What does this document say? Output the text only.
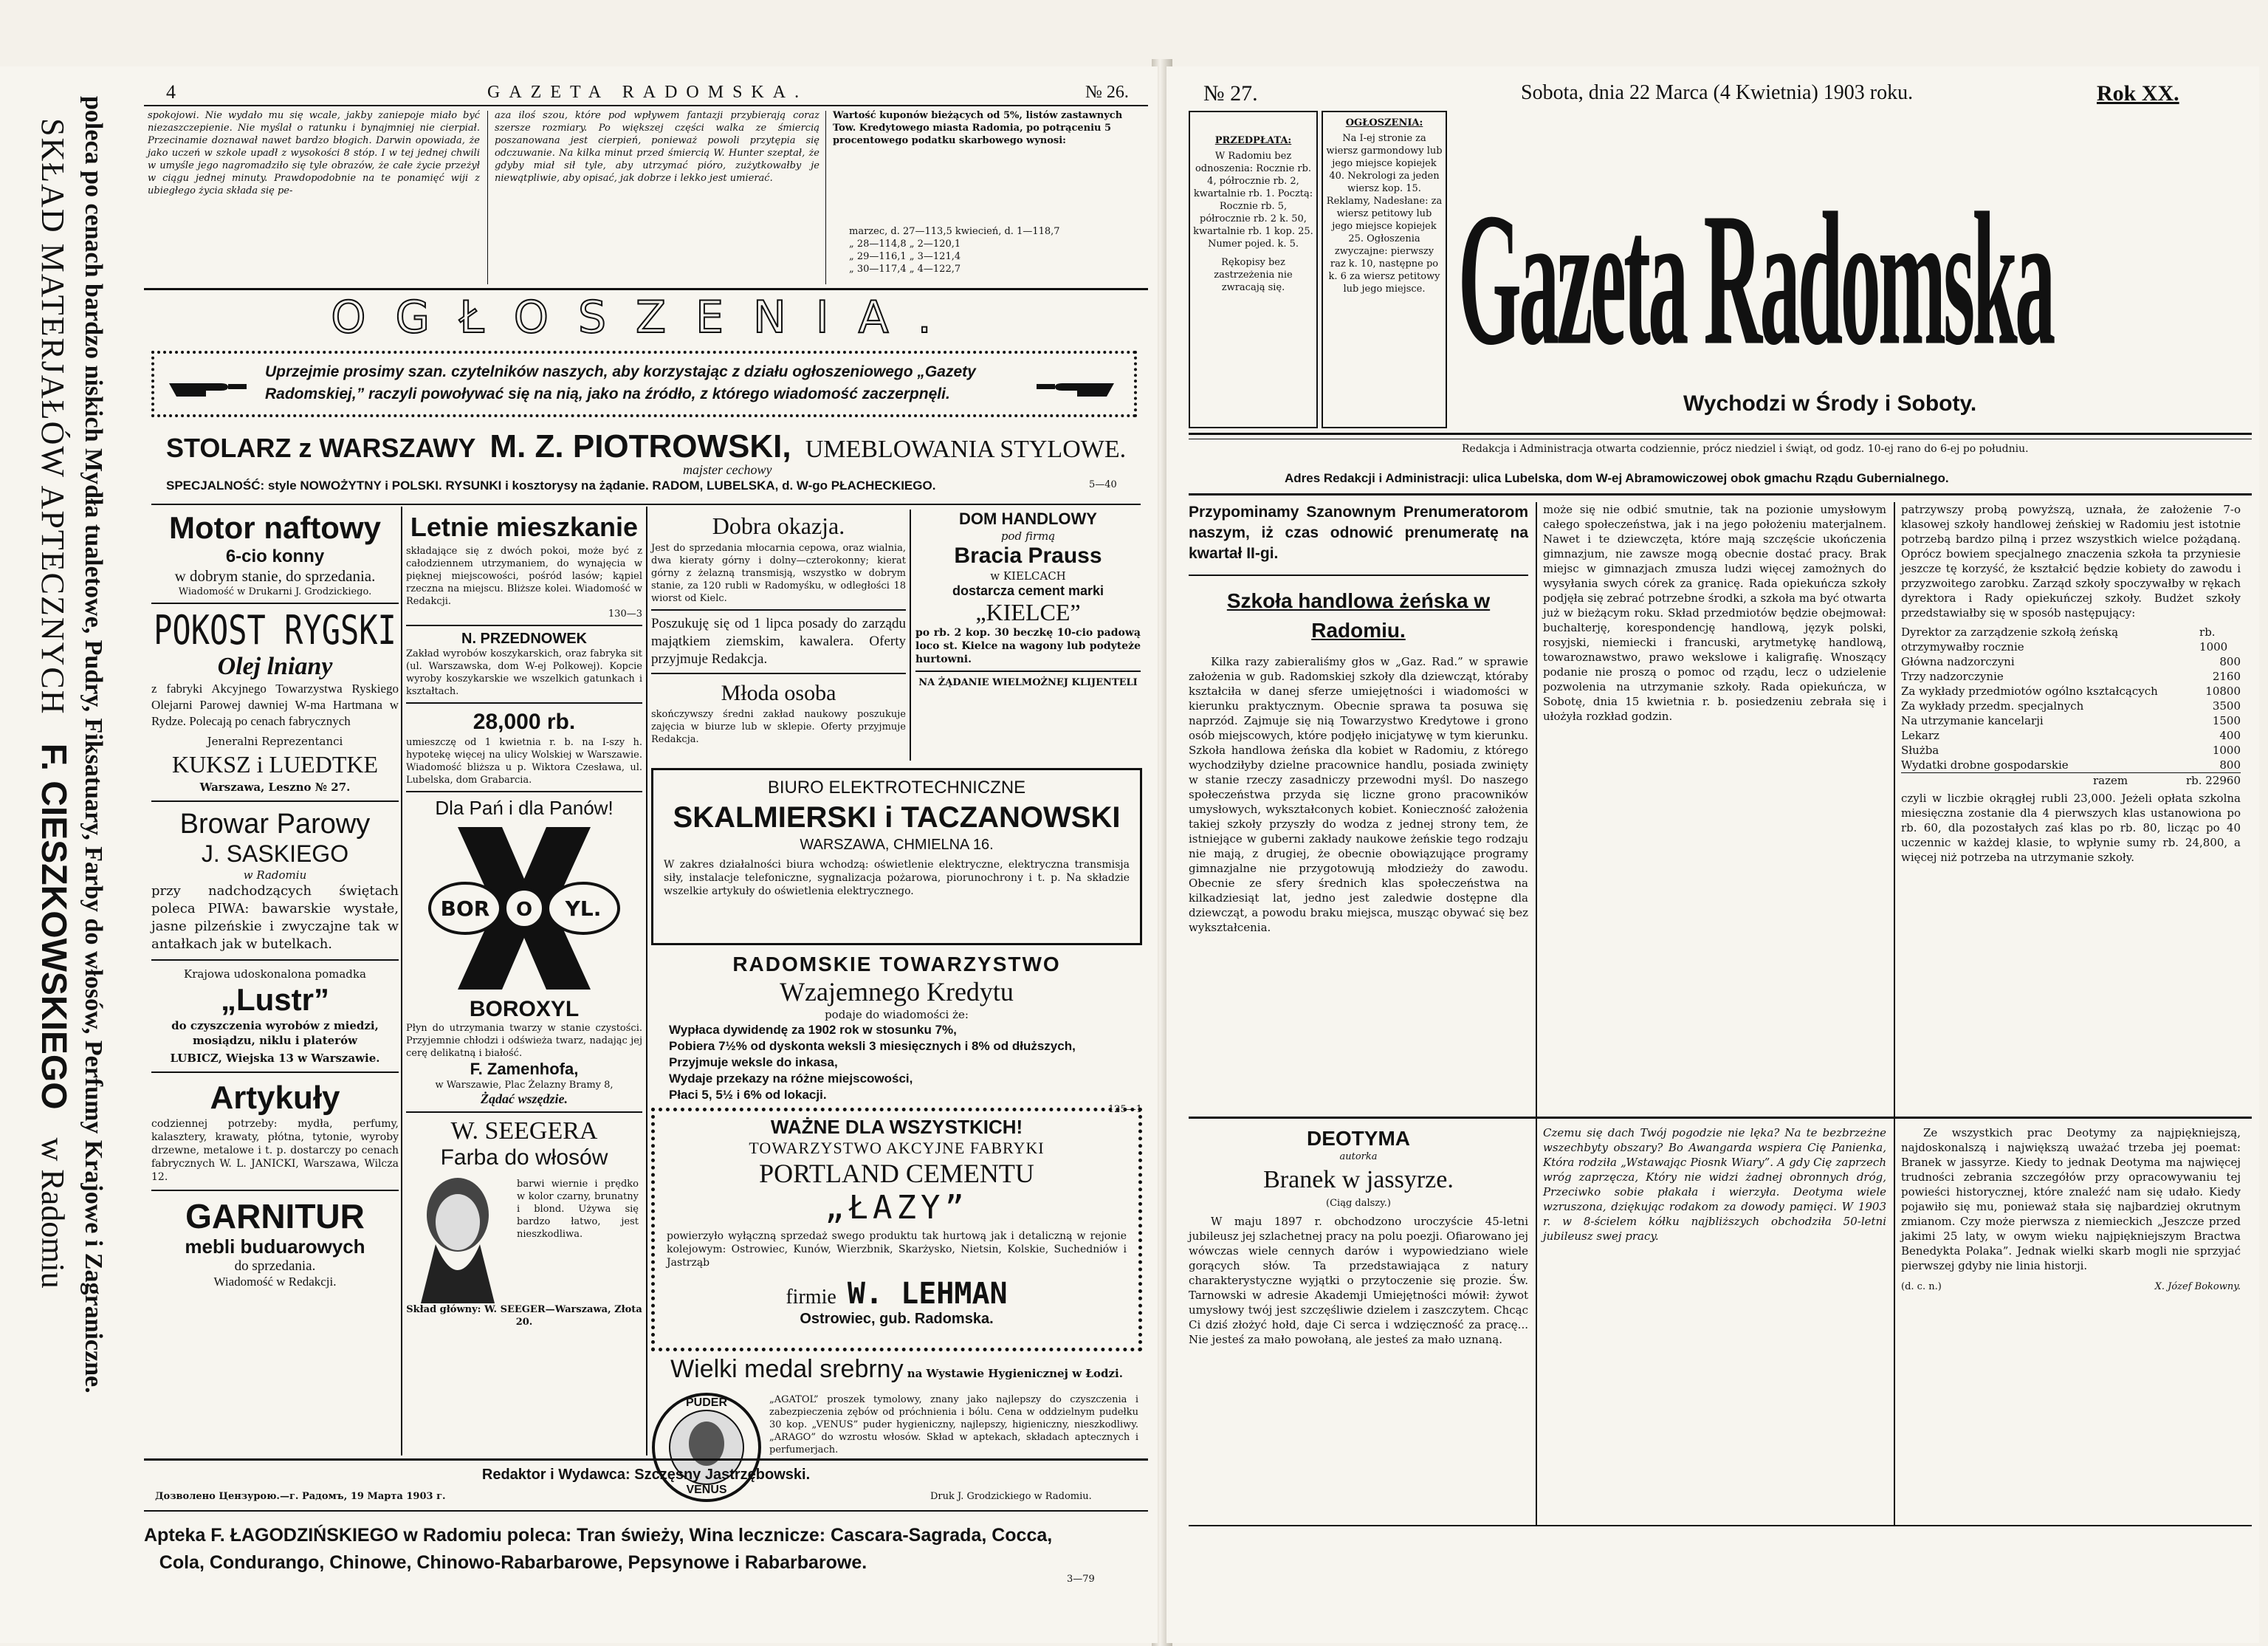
poleca po cenach bardzo niskich Mydła tualetowe, Pudry, Fiksatuary, Farby do włosów, Perfumy Krajowe i Zagraniczne.
SKŁAD MATERJAŁÓW APTECZNYCH F. CIESZKOWSKIEGO w Radomiu
4	GAZETA RADOMSKA.	№ 26.
spokojowi. Nie wydało mu się wcale, jakby zaniepoje miało być niezaszczepienie. Nie myślał o ratunku i bynajmniej nie cierpiał. Przecinamie doznawał nawet bardzo błogich. Darwin opowiada, że jako uczeń w szkole upadł z wysokości 8 stóp. I w tej jednej chwili w umyśle jego nagromadziło się tyle obrazów, że całe życie przeżył w ciągu jednej minuty. Prawdopodobnie na te ponamięć wiji z ubiegłego życia składa się pe-
aza iloś szou, które pod wpływem fantazji przybierają coraz szersze rozmiary. Po większej części walka ze śmiercią poszanowana jest cierpień, ponieważ powoli przytępia się odczuwanie. Na kilka minut przed śmiercią W. Hunter szeptał, że gdyby miał sił tyle, aby utrzymać pióro, zużytkowałby je niewątpliwie, aby opisać, jak dobrze i lekko jest umierać.
Wartość kuponów bieżących od 5%, listów zastawnych Tow. Kredytowego miasta Radomia, po potrąceniu 5 procentowego podatku skarbowego wynosi:
marzec, d. 27—113,5 kwiecień, d. 1—118,7
„ 28—114,8 „ 2—120,1
„ 29—116,1 „ 3—121,4
„ 30—117,4 „ 4—122,7
OGŁOSZENIA.
Uprzejmie prosimy szan. czytelników naszych, aby korzystając z działu ogłoszeniowego „Gazety Radomskiej,” raczyli powoływać się na nią, jako na źródło, z którego wiadomość zaczerpnęli.
STOLARZ z WARSZAWY M. Z. PIOTROWSKI, UMEBLOWANIA STYLOWE.
majster cechowy
SPECJALNOŚĆ: style NOWOŻYTNY i POLSKI. RYSUNKI i kosztorysy na żądanie. RADOM, LUBELSKA, d. W-go PŁACHECKIEGO.	5—40
Motor naftowy
6-cio konny
w dobrym stanie, do sprzedania.
Wiadomość w Drukarni J. Grodzickiego.
POKOST RYGSKI
Olej lniany
z fabryki Akcyjnego Towarzystwa Ryskiego Olejarni Parowej dawniej W-ma Hartmana w Rydze. Polecają po cenach fabrycznych
Jeneralni Reprezentanci
KUKSZ i LUEDTKE
Warszawa, Leszno № 27.
Browar Parowy
J. SASKIEGO
w Radomiu
przy nadchodzących świętach poleca PIWA: bawarskie wystałe, jasne pilzeńskie i zwyczajne tak w antałkach jak w butelkach.
Krajowa udoskonalona pomadka
„Lustr”
do czyszczenia wyrobów z miedzi, mosiądzu, niklu i platerów
LUBICZ, Wiejska 13 w Warszawie.
Artykuły
codziennej potrzeby: mydła, perfumy, kalasztery, krawaty, płótna, tytonie, wyroby drzewne, metalowe i t. p. dostarczy po cenach fabrycznych W. L. JANICKI, Warszawa, Wilcza 12.
GARNITUR
mebli buduarowych
do sprzedania.
Wiadomość w Redakcji.
Letnie mieszkanie
składające się z dwóch pokoi, może być z całodziennem utrzymaniem, do wynajęcia w pięknej miejscowości, pośród lasów; kąpiel rzeczna na miejscu. Bliższe kolei. Wiadomość w Redakcji.
130—3
N. PRZEDNOWEK
Zakład wyrobów koszykarskich, oraz fabryka sit (ul. Warszawska, dom W-ej Polkowej). Kopcie wyroby koszykarskie we wszelkich gatunkach i kształtach.
28,000 rb.
umieszczę od 1 kwietnia r. b. na I-szy h. hypotekę więcej na ulicy Wolskiej w Warszawie. Wiadomość bliższa u p. Wiktora Czesława, ul. Lubelska, dom Grabarcia.
Dla Pań i dla Panów!
BOR O YL.
BOROXYL
Płyn do utrzymania twarzy w stanie czystości. Przyjemnie chłodzi i odświeża twarz, nadając jej cerę delikatną i białość.
F. Zamenhofa,
w Warszawie, Plac Żelazny Bramy 8,
Żądać wszędzie.
W. SEEGERA
Farba do włosów
barwi wiernie i prędko w kolor czarny, brunatny i blond. Używa się bardzo łatwo, jest nieszkodliwa.
Skład główny: W. SEEGER—Warszawa, Złota 20.
Dobra okazja.
Jest do sprzedania młocarnia cepowa, oraz wialnia, dwa kieraty górny i dolny—czterokonny; kierat górny z żelazną transmisją, wszystko w dobrym stanie, za 120 rubli w Radomyśku, w odległości 18 wiorst od Kielc.
Poszukuję się od 1 lipca posady do zarządu majątkiem ziemskim, kawalera. Oferty przyjmuje Redakcja.
Młoda osoba
skończywszy średni zakład naukowy poszukuje zajęcia w biurze lub w sklepie. Oferty przyjmuje Redakcja.
DOM HANDLOWY
pod firmą
Bracia Prauss
w KIELCACH
dostarcza cement marki
„KIELCE”
po rb. 2 kop. 30 beczkę 10-cio padową loco st. Kielce na wagony lub podyteże hurtowni.
NA ŻĄDANIE WIELMOŻNEJ KLIJENTELI
BIURO ELEKTROTECHNICZNE
SKALMIERSKI i TACZANOWSKI
WARSZAWA, CHMIELNA 16.
W zakres działalności biura wchodzą: oświetlenie elektryczne, elektryczna transmisja siły, instalacje telefoniczne, sygnalizacja pożarowa, piorunochrony i t. p. Na składzie wszelkie artykuły do oświetlenia elektrycznego.
RADOMSKIE TOWARZYSTWO
Wzajemnego Kredytu
podaje do wiadomości że:
Wypłaca dywidendę za 1902 rok w stosunku 7%,
Pobiera 7½% od dyskonta weksli 3 miesięcznych i 8% od dłuższych,
Przyjmuje weksle do inkasa,
Wydaje przekazy na różne miejscowości,
Płaci 5, 5½ i 6% od lokacji.
125—1
WAŻNE DLA WSZYSTKICH!
TOWARZYSTWO AKCYJNE FABRYKI
PORTLAND CEMENTU
„ŁAZY”
powierzyło wyłączną sprzedaż swego produktu tak hurtową jak i detaliczną w rejonie kolejowym: Ostrowiec, Kunów, Wierzbnik, Skarżysko, Nietsin, Kolskie, Suchedniów i Jastrząb
firmie W. LEHMAN
Ostrowiec, gub. Radomska.
Wielki medal srebrny na Wystawie Hygienicznej w Łodzi.
PUDER
VENUS
„AGATOL” proszek tymolowy, znany jako najlepszy do czyszczenia i zabezpieczenia zębów od próchnienia i bólu. Cena w oddzielnym pudełku 30 kop. „VENUS” puder hygieniczny, najlepszy, higieniczny, nieszkodliwy. „ARAGO” do wzrostu włosów. Skład w aptekach, składach aptecznych i perfumerjach.
Redaktor i Wydawca: Szczęsny Jastrzębowski.
Дозволено Цензурою.—г. Радомъ, 19 Марта 1903 г.	Druk J. Grodzickiego w Radomiu.
Apteka F. ŁAGODZIŃSKIEGO w Radomiu poleca: Tran świeży, Wina lecznicze: Cascara-Sagrada, Cocca,
Cola, Condurango, Chinowe, Chinowo-Rabarbarowe, Pepsynowe i Rabarbarowe.
3—79
№ 27.	Sobota, dnia 22 Marca (4 Kwietnia) 1903 roku.	Rok XX.
PRZEDPŁATA:
W Radomiu bez odnoszenia: Rocznie rb. 4, półrocznie rb. 2, kwartalnie rb. 1. Pocztą: Rocznie rb. 5, półrocznie rb. 2 k. 50, kwartalnie rb. 1 kop. 25. Numer pojed. k. 5.
Rękopisy bez zastrzeżenia nie zwracają się.
OGŁOSZENIA:
Na I-ej stronie za wiersz garmondowy lub jego miejsce kopiejek 40. Nekrologi za jeden wiersz kop. 15. Reklamy, Nadesłane: za wiersz petitowy lub jego miejsce kopiejek 25. Ogłoszenia zwyczajne: pierwszy raz k. 10, następne po k. 6 za wiersz petitowy lub jego miejsce. Gazeta Radomska
Wychodzi w Środy i Soboty.
Redakcja i Administracja otwarta codziennie, prócz niedziel i świąt, od godz. 10-ej rano do 6-ej po południu.
Adres Redakcji i Administracji: ulica Lubelska, dom W-ej Abramowiczowej obok gmachu Rządu Gubernialnego.
Przypominamy Szanownym Prenumeratorom naszym, iż czas odnowić prenumeratę na kwartał II-gi.
Szkoła handlowa żeńska w Radomiu.
Kilka razy zabieraliśmy głos w „Gaz. Rad.” w sprawie założenia w gub. Radomskiej szkoły dla dziewcząt, któraby kształciła w danej sferze umiejętności i wiadomości w kierunku praktycznym. Obecnie sprawa ta posuwa się naprzód. Zajmuje się nią Towarzystwo Kredytowe i grono osób miejscowych, które podjęło inicjatywę w tym kierunku. Szkoła handlowa żeńska dla kobiet w Radomiu, z którego wychodziłyby dzielne pracownice handlu, posiada zwinięty w stanie rzeczy zasadniczy przewodni myśl. Do naszego społeczeństwa przyda się liczne grono pracowników umysłowych, wykształconych kobiet. Konieczność założenia takiej szkoły przyszły do wodza z jednej strony tem, że istniejące w guberni zakłady naukowe żeńskie tego rodzaju nie mają, z drugiej, że obecnie obowiązujące programy gimnazjalne nie przygotowują młodzieży do zawodu. Obecnie ze sfery średnich klas społeczeństwa na kilkadziesiąt lat, jedno jest zaledwie dostępne dla dziewcząt, a powodu braku miejsca, musząc obywać się bez wykształcenia.
może się nie odbić smutnie, tak na pozionie umysłowym całego społeczeństwa, jak i na jego położeniu materjalnem. Nawet i te dziewczęta, które mają szczęście ukończenia gimnazjum, nie zawsze mogą obecnie dostać pracy. Brak miejsc w gimnazjach zmusza ludzi więcej zamożnych do wysyłania swych córek za granicę. Rada opiekuńcza szkoły podjęła się zebrać potrzebne środki, a szkoła ma być otwarta już w bieżącym roku. Skład przedmiotów będzie obejmował: buchalterję, korespondencję handlową, język polski, rosyjski, niemiecki i francuski, arytmetykę handlową, towaroznawstwo, prawo wekslowe i kaligrafię. Wnoszący podanie nie proszą o pomoc od rządu, lecz o udzielenie pozwolenia na utrzymanie szkoły. Rada opiekuńcza, w Sobotę, dnia 15 kwietnia r. b. posiedzeniu zebrała się i ułożyła rozkład godzin.
patrzywszy probą powyższą, uznała, że założenie 7-o klasowej szkoły handlowej żeńskiej w Radomiu jest istotnie potrzebą bardzo pilną i przez wszystkich wielce pożądaną. Oprócz bowiem specjalnego znaczenia szkoła ta przyniesie jeszcze tę korzyść, że kształcić będzie kobiety do zawodu i przyzwoitego zarobku. Zarząd szkoły spoczywałby w rękach dyrektora i Rady opiekuńczej szkoły. Budżet szkoły przedstawiałby się w sposób następujący:
Dyrektor za zarządzenie szkołą żeńską otrzymywałby rocznie
rb. 1000
Główna nadzorczyni	800
Trzy nadzorczynie	2160
Za wykłady przedmiotów ogólno kształcących	10800
Za wykłady przedm. specjalnych	3500
Na utrzymanie kancelarji	1500
Lekarz	400
Służba	1000
Wydatki drobne gospodarskie	800
razem	rb. 22960
czyli w liczbie okrągłej rubli 23,000. Jeżeli opłata szkolna miesięczna zostanie dla 4 pierwszych klas ustanowiona po rb. 60, dla pozostałych zaś klas po rb. 80, licząc po 40 uczennic w każdej klasie, to wpłynie sumy rb. 24,800, a więcej niż potrzeba na utrzymanie szkoły.
DEOTYMA
autorka
Branek w jassyrze.
(Ciąg dalszy.)
W maju 1897 r. obchodzono uroczyście 45-letni jubileusz jej szlachetnej pracy na polu poezji. Ofiarowano jej wówczas wiele cennych darów i wypowiedziano wiele gorących słów. Ta przedstawiająca z natury charakterystyczne wyjątki o przytoczenie się prozie. Św. Tarnowski w adresie Akademji Umiejętności mówił: żywot umysłowy twój jest szczęśliwie dzielem i zaszczytem. Chcąc Ci dziś złożyć hołd, daje Ci serca i wdzięczność za pracę... Nie jesteś za mało powołaną, ale jesteś za mało uznaną.
Czemu się dach Twój pogodzie nie lęka? Na te bezbrzeżne wszechbyty obszary? Bo Awangarda wspiera Cię Panienka, Która rodziła „Wstawając Piosnk Wiary”. A gdy Cię zaprzech wróg zaprzęcza, Który nie widzi żadnej obronnych dróg, Przeciwko sobie płakała i wierzyła. Deotyma wiele wzruszona, dziękując rodakom za dowody pamięci. W 1903 r. w 8-ścielem kółku najbliższych obchodziła 50-letni jubileusz swej pracy.
Ze wszystkich prac Deotymy za najpiękniejszą, najdoskonalszą i największą uważać trzeba jej poemat: Branek w jassyrze. Kiedy to jednak Deotyma ma najwięcej trudności zebrania szczegółów przy opracowywaniu tej powieści historycznej, które znaleźć nam się udało. Kiedy pojawiło się mu, ponieważ stała się najbardziej okrutnym zmianom. Czy może pierwsza z niemieckich „Jeszcze przed jakimi 25 laty, w owym wieku najpiękniejszym Bractwa Benedykta Polaka”. Jednak wielki skarb mogli nie sprzyjać pierwszej gdyby nie linia historji.
(d. c. n.)	X. Józef Bokowny.
